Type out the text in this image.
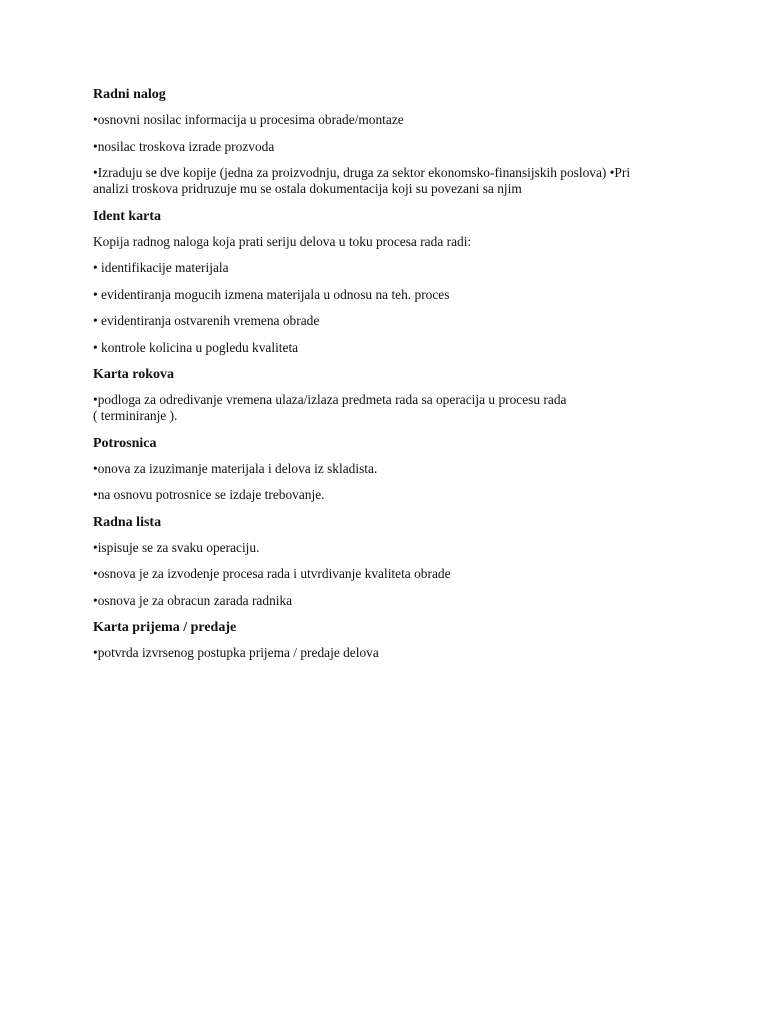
Radni nalog
•osnovni nosilac informacija u procesima obrade/montaze
•nosilac troskova izrade prozvoda
•Izraduju se dve kopije (jedna za proizvodnju, druga za sektor ekonomsko-finansijskih poslova) •Pri
analizi troskova pridruzuje mu se ostala dokumentacija koji su povezani sa njim
Ident karta
Kopija radnog naloga koja prati seriju delova u toku procesa rada radi:
• identifikacije materijala
• evidentiranja mogucih izmena materijala u odnosu na teh. proces
• evidentiranja ostvarenih vremena obrade
• kontrole kolicina u pogledu kvaliteta
Karta rokova
•podloga za odredivanje vremena ulaza/izlaza predmeta rada sa operacija u procesu rada
( terminiranje ).
Potrosnica
•onova za izuzimanje materijala i delova iz skladista.
•na osnovu potrosnice se izdaje trebovanje.
Radna lista
•ispisuje se za svaku operaciju.
•osnova je za izvodenje procesa rada i utvrdivanje kvaliteta obrade
•osnova je za obracun zarada radnika
Karta prijema / predaje
•potvrda izvrsenog postupka prijema / predaje delova
